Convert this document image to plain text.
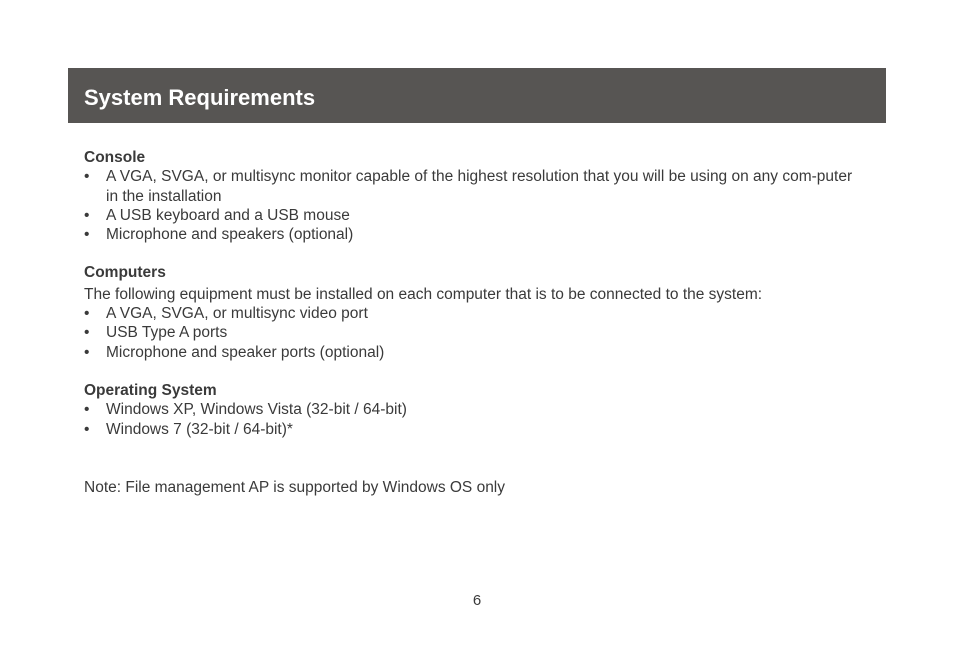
System Requirements
Console
• A VGA, SVGA, or multisync monitor capable of the highest resolution that you will be using on any com-puter in the installation
• A USB keyboard and a USB mouse
• Microphone and speakers (optional)
Computers

The following equipment must be installed on each computer that is to be connected to the system:

• A VGA, SVGA, or multisync video port
• USB Type A ports
• Microphone and speaker ports (optional)
Operating System
• Windows XP, Windows Vista (32-bit / 64-bit)
• Windows 7 (32-bit / 64-bit)*

Note: File management AP is supported by Windows OS only

6
